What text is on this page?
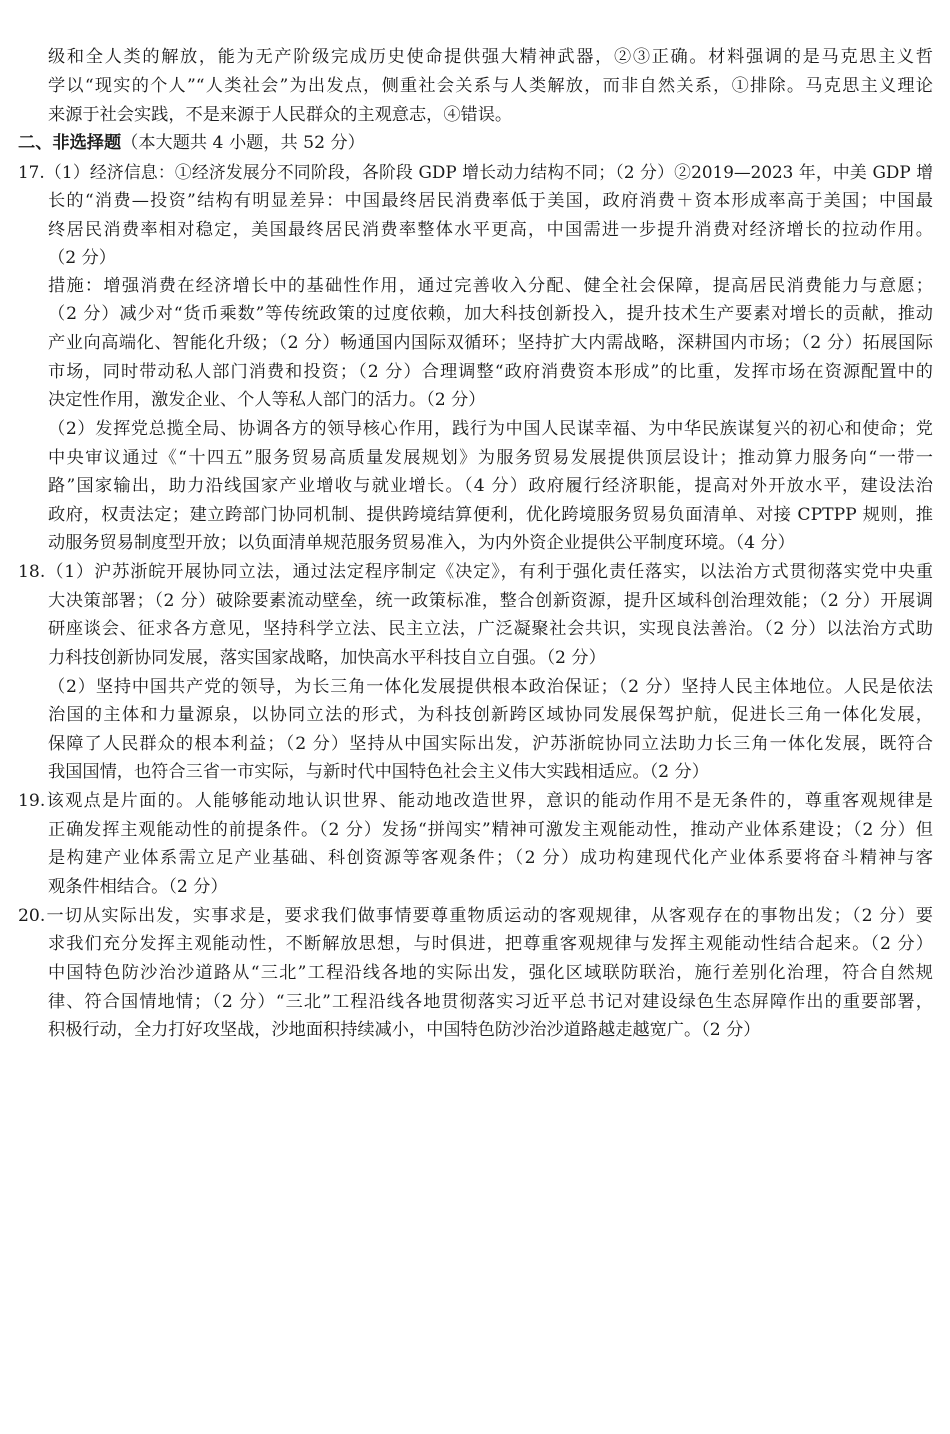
级和全人类的解放，能为无产阶级完成历史使命提供强大精神武器，②③正确。材料强调的是马克思主义哲
学以“现实的个人”“人类社会”为出发点，侧重社会关系与人类解放，而非自然关系，①排除。马克思主义理论
来源于社会实践，不是来源于人民群众的主观意志，④错误。
二、非选择题（本大题共 4 小题，共 52 分）
17.（1）经济信息：①经济发展分不同阶段，各阶段 GDP 增长动力结构不同；（2 分）②2019—2023 年，中美 GDP 增
长的“消费—投资”结构有明显差异：中国最终居民消费率低于美国，政府消费＋资本形成率高于美国；中国最
终居民消费率相对稳定，美国最终居民消费率整体水平更高，中国需进一步提升消费对经济增长的拉动作用。
（2 分）
措施：增强消费在经济增长中的基础性作用，通过完善收入分配、健全社会保障，提高居民消费能力与意愿；
（2 分）减少对“货币乘数”等传统政策的过度依赖，加大科技创新投入，提升技术生产要素对增长的贡献，推动
产业向高端化、智能化升级；（2 分）畅通国内国际双循环；坚持扩大内需战略，深耕国内市场；（2 分）拓展国际
市场，同时带动私人部门消费和投资；（2 分）合理调整“政府消费资本形成”的比重，发挥市场在资源配置中的
决定性作用，激发企业、个人等私人部门的活力。（2 分）
（2）发挥党总揽全局、协调各方的领导核心作用，践行为中国人民谋幸福、为中华民族谋复兴的初心和使命；党
中央审议通过《“十四五”服务贸易高质量发展规划》为服务贸易发展提供顶层设计；推动算力服务向“一带一
路”国家输出，助力沿线国家产业增收与就业增长。（4 分）政府履行经济职能，提高对外开放水平，建设法治
政府，权责法定；建立跨部门协同机制、提供跨境结算便利，优化跨境服务贸易负面清单、对接 CPTPP 规则，推
动服务贸易制度型开放；以负面清单规范服务贸易准入，为内外资企业提供公平制度环境。（4 分）
18.（1）沪苏浙皖开展协同立法，通过法定程序制定《决定》，有利于强化责任落实，以法治方式贯彻落实党中央重
大决策部署；（2 分）破除要素流动壁垒，统一政策标准，整合创新资源，提升区域科创治理效能；（2 分）开展调
研座谈会、征求各方意见，坚持科学立法、民主立法，广泛凝聚社会共识，实现良法善治。（2 分）以法治方式助
力科技创新协同发展，落实国家战略，加快高水平科技自立自强。（2 分）
（2）坚持中国共产党的领导，为长三角一体化发展提供根本政治保证；（2 分）坚持人民主体地位。人民是依法
治国的主体和力量源泉，以协同立法的形式，为科技创新跨区域协同发展保驾护航，促进长三角一体化发展，
保障了人民群众的根本利益；（2 分）坚持从中国实际出发，沪苏浙皖协同立法助力长三角一体化发展，既符合
我国国情，也符合三省一市实际，与新时代中国特色社会主义伟大实践相适应。（2 分）
19.该观点是片面的。人能够能动地认识世界、能动地改造世界，意识的能动作用不是无条件的，尊重客观规律是
正确发挥主观能动性的前提条件。（2 分）发扬“拼闯实”精神可激发主观能动性，推动产业体系建设；（2 分）但
是构建产业体系需立足产业基础、科创资源等客观条件；（2 分）成功构建现代化产业体系要将奋斗精神与客
观条件相结合。（2 分）
20.一切从实际出发，实事求是，要求我们做事情要尊重物质运动的客观规律，从客观存在的事物出发；（2 分）要
求我们充分发挥主观能动性，不断解放思想，与时俱进，把尊重客观规律与发挥主观能动性结合起来。（2 分）
中国特色防沙治沙道路从“三北”工程沿线各地的实际出发，强化区域联防联治，施行差别化治理，符合自然规
律、符合国情地情；（2 分）“三北”工程沿线各地贯彻落实习近平总书记对建设绿色生态屏障作出的重要部署，
积极行动，全力打好攻坚战，沙地面积持续减小，中国特色防沙治沙道路越走越宽广。（2 分）
